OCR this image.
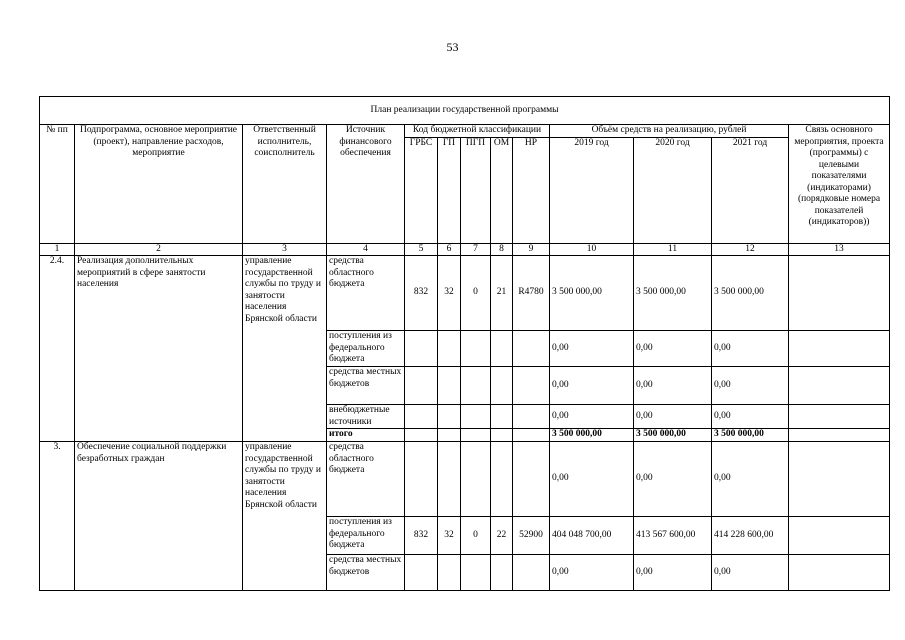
53
План реализации государственной программы												
№ пп	Подпрограмма, основное мероприятие (проект), направление расходов, мероприятие	Ответственный исполнитель, соисполнитель	Источник финансового обеспечения	Код бюджетной классификации					Объём средств на реализацию, рублей			Связь основного мероприятия, проекта (программы) с целевыми показателями (индикаторами) (порядковые номера показателей (индикаторов))
				ГРБС	ГП	ПГП	ОМ	НР	2019 год	2020 год	2021 год	
1	2	3	4	5	6	7	8	9	10	11	12	13
2.4.	Реализация дополнительных мероприятий в сфере занятости населения	управление государственной службы по труду и занятости населения Брянской области	средства областного бюджета	832	32	0	21	R4780	3 500 000,00	3 500 000,00	3 500 000,00	
			поступления из федерального бюджета						0,00	0,00	0,00	
			средства местных бюджетов						0,00	0,00	0,00	
			внебюджетные источники						0,00	0,00	0,00	
			итого						3 500 000,00	3 500 000,00	3 500 000,00	
3.	Обеспечение социальной поддержки безработных граждан	управление государственной службы по труду и занятости населения Брянской области	средства областного бюджета						0,00	0,00	0,00	
			поступления из федерального бюджета	832	32	0	22	52900	404 048 700,00	413 567 600,00	414 228 600,00	
			средства местных бюджетов						0,00	0,00	0,00	
